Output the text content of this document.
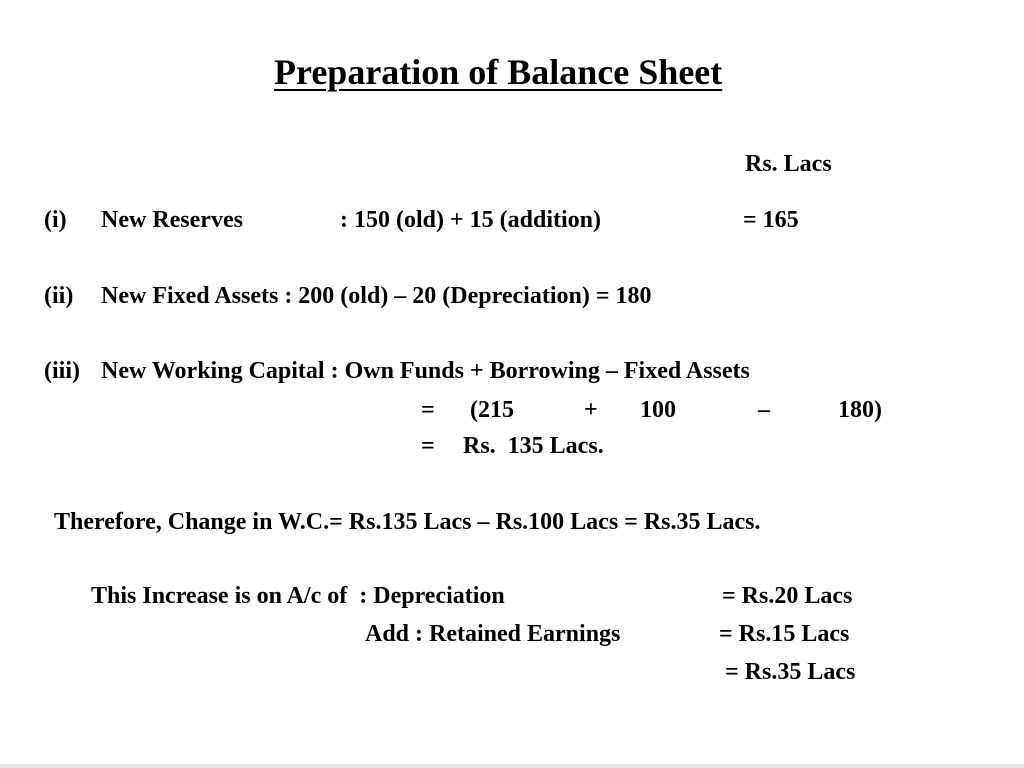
Preparation of Balance Sheet
Rs. Lacs
(i) New Reserves	: 150 (old) + 15 (addition)	= 165
(ii) New Fixed Assets : 200 (old) – 20 (Depreciation) = 180
(iii) New Working Capital : Own Funds + Borrowing – Fixed Assets
= (215	+ 100	–	180)
= Rs.  135 Lacs.
Therefore, Change in W.C.= Rs.135 Lacs – Rs.100 Lacs = Rs.35 Lacs.
This Increase is on A/c of  : Depreciation	= Rs.20 Lacs
Add : Retained Earnings	= Rs.15 Lacs
= Rs.35 Lacs
